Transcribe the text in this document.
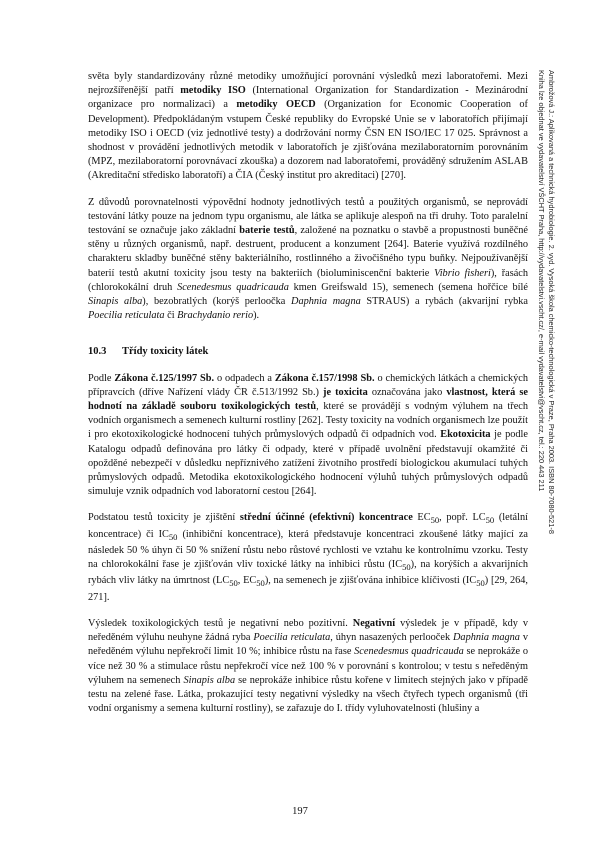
světa byly standardizovány různé metodiky umožňující porovnání výsledků mezi laboratořemi. Mezi nejrozšířenější patří metodiky ISO (International Organization for Standardization - Mezinárodní organizace pro normalizaci) a metodiky OECD (Organization for Economic Cooperation of Development). Předpokládaným vstupem České republiky do Evropské Unie se v laboratořích přijímají metodiky ISO i OECD (viz jednotlivé testy) a dodržování normy ČSN EN ISO/IEC 17 025. Správnost a shodnost v provádění jednotlivých metodik v laboratořích je zjišťována mezilaboratorním porovnáním (MPZ, mezilaboratorní porovnávací zkouška) a dozorem nad laboratořemi, prováděný sdružením ASLAB (Akreditační středisko laboratoří) a ČIA (Český institut pro akreditaci) [270].

Z důvodů porovnatelnosti výpovědní hodnoty jednotlivých testů a použitých organismů, se neprovádí testování látky pouze na jednom typu organismu, ale látka se aplikuje alespoň na tři druhy. Toto paralelní testování se označuje jako základní baterie testů, založené na poznatku o stavbě a propustnosti buněčné stěny u různých organismů, např. destruent, producent a konzument [264]. Baterie využívá rozdílného charakteru skladby buněčné stěny bakteriálního, rostlinného a živočišného typu buňky. Nejpoužívanější baterií testů akutní toxicity jsou testy na bakteriích (bioluminiscenční bakterie Vibrio fisheri), řasách (chlorokokální druh Scenedesmus quadricauda kmen Greifswald 15), semenech (semena hořčice bílé Sinapis alba), bezobratlých (korýš perloočka Daphnia magna STRAUS) a rybách (akvarijní rybka Poecilia reticulata či Brachydanio rerio).

10.3	Třídy toxicity látek

Podle Zákona č.125/1997 Sb. o odpadech a Zákona č.157/1998 Sb. o chemických látkách a chemických přípravcích (dříve Nařízení vlády ČR č.513/1992 Sb.) je toxicita označována jako vlastnost, která se hodnotí na základě souboru toxikologických testů, které se provádějí s vodným výluhem na třech vodních organismech a semenech kulturní rostliny [262]. Testy toxicity na vodních organismech lze použít i pro ekotoxikologické hodnocení tuhých průmyslových odpadů či odpadních vod. Ekotoxicita je podle Katalogu odpadů definována pro látky či odpady, které v případě uvolnění představují okamžité či opožděné nebezpečí v důsledku nepříznivého zatížení životního prostředí biologickou akumulací tuhých průmyslových odpadů. Metodika ekotoxikologického hodnocení výluhů tuhých průmyslových odpadů simuluje vznik odpadních vod laboratorní cestou [264].

Podstatou testů toxicity je zjištění střední účinné (efektivní) koncentrace $EC_{50}$, popř. $LC_{50}$ (letální koncentrace) či $IC_{50}$ (inhibiční koncentrace), která představuje koncentraci zkoušené látky mající za následek 50 % úhyn či 50 % snížení růstu nebo růstové rychlosti ve vztahu ke kontrolnímu vzorku. Testy na chlorokokální řase je zjišťován vliv toxické látky na inhibici růstu $(IC_{50})$, na korýších a akvarijních rybách vliv látky na úmrtnost ($LC_{50}$, $EC_{50}$), na semenech je zjišťována inhibice klíčivosti $(IC_{50})$ [29, 264, 271].

Výsledek toxikologických testů je negativní nebo pozitivní. Negativní výsledek je v případě, kdy v neředěném výluhu neuhyne žádná ryba Poecilia reticulata, úhyn nasazených perlooček Daphnia magna v neředěném výluhu nepřekročí limit 10 %; inhibice růstu na řase Scenedesmus quadricauda se neprokáže o více než 30 % a stimulace růstu nepřekročí více než 100 % v porovnání s kontrolou; v testu s neředěným výluhem na semenech Sinapis alba se neprokáže inhibice růstu kořene v limitech stejných jako v případě testu na zelené řase. Látka, prokazující testy negativní výsledky na všech čtyřech typech organismů (tři vodní organismy a semena kulturní rostliny), se zařazuje do I. třídy vyluhovatelnosti (hlušiny a

197
Ambrožová J.: Aplikovaná a technická hydrobiologie. 2. vyd. Vysoká škola chemicko-technologická v Praze, Praha 2003. ISBN 80-7080-521-8
Kniha lze objednat ve vydavatelství VŠCHT Praha, http://vydavatelstvi.vscht.cz/, e-mail vydavatelstvi@vscht.cz, tel.: 220 443 211
